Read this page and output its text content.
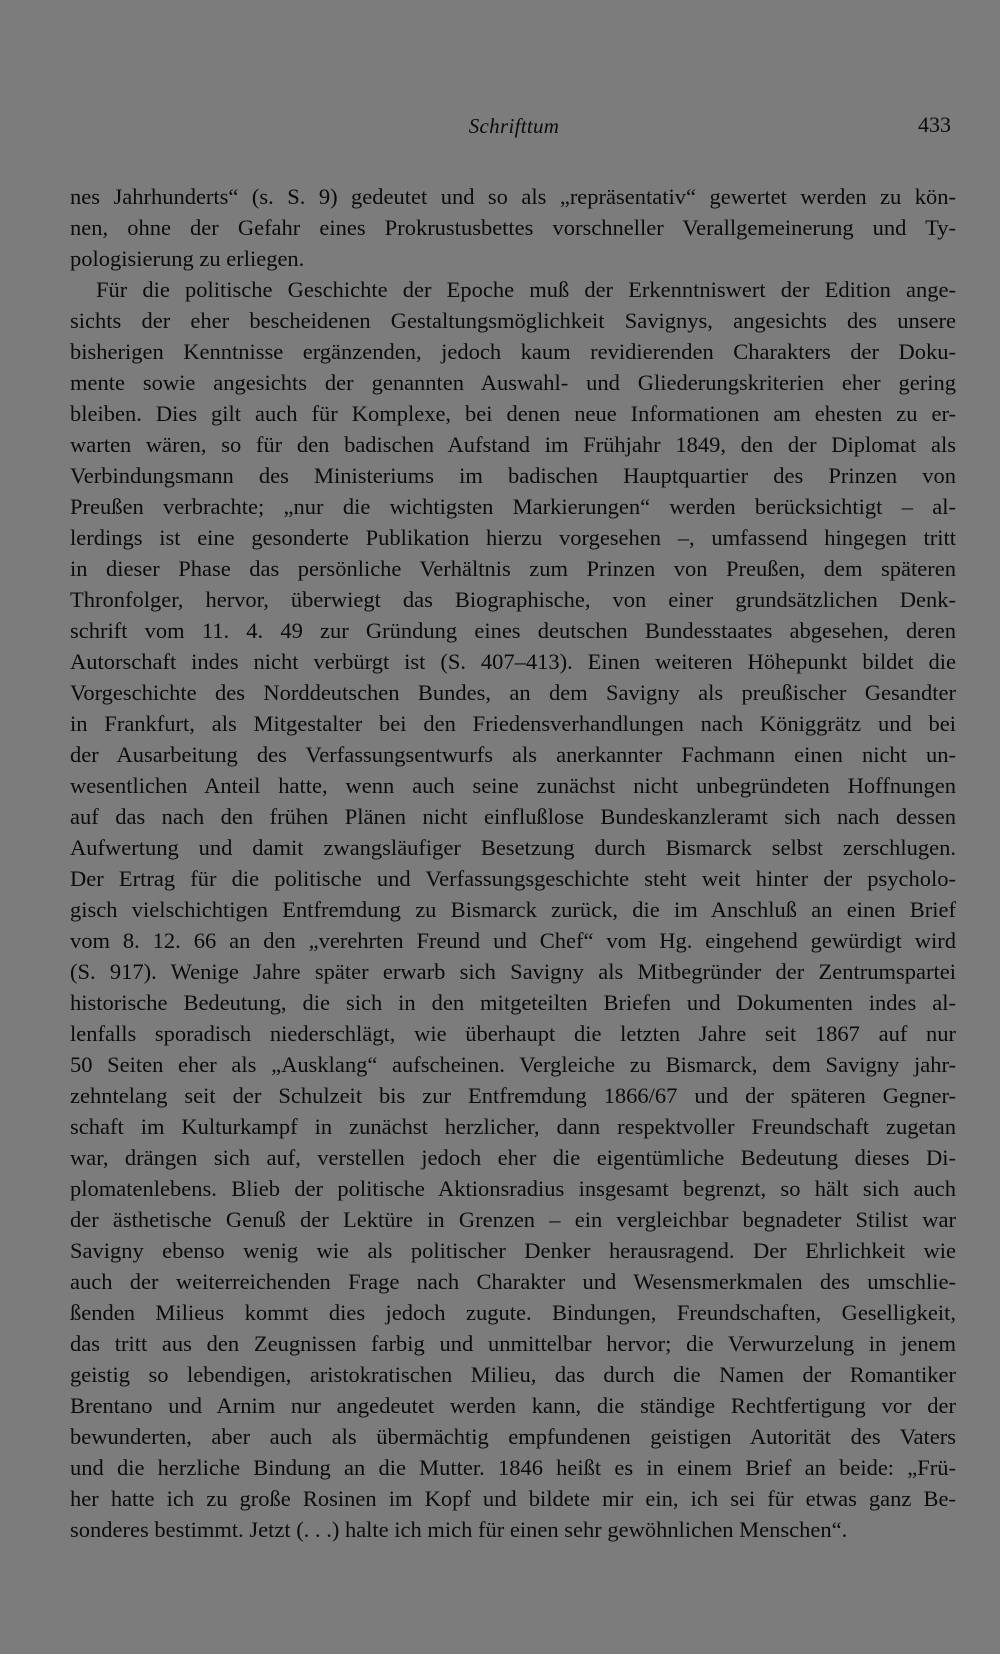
Schrifttum	433
nes Jahrhunderts“ (s. S. 9) gedeutet und so als „repräsentativ“ gewertet werden zu kön-
nen, ohne der Gefahr eines Prokrustusbettes vorschneller Verallgemeinerung und Ty-
pologisierung zu erliegen.
Für die politische Geschichte der Epoche muß der Erkenntniswert der Edition ange-
sichts der eher bescheidenen Gestaltungsmöglichkeit Savignys, angesichts des unsere
bisherigen Kenntnisse ergänzenden, jedoch kaum revidierenden Charakters der Doku-
mente sowie angesichts der genannten Auswahl- und Gliederungskriterien eher gering
bleiben. Dies gilt auch für Komplexe, bei denen neue Informationen am ehesten zu er-
warten wären, so für den badischen Aufstand im Frühjahr 1849, den der Diplomat als
Verbindungsmann des Ministeriums im badischen Hauptquartier des Prinzen von
Preußen verbrachte; „nur die wichtigsten Markierungen“ werden berücksichtigt – al-
lerdings ist eine gesonderte Publikation hierzu vorgesehen –, umfassend hingegen tritt
in dieser Phase das persönliche Verhältnis zum Prinzen von Preußen, dem späteren
Thronfolger, hervor, überwiegt das Biographische, von einer grundsätzlichen Denk-
schrift vom 11. 4. 49 zur Gründung eines deutschen Bundesstaates abgesehen, deren
Autorschaft indes nicht verbürgt ist (S. 407–413). Einen weiteren Höhepunkt bildet die
Vorgeschichte des Norddeutschen Bundes, an dem Savigny als preußischer Gesandter
in Frankfurt, als Mitgestalter bei den Friedensverhandlungen nach Königgrätz und bei
der Ausarbeitung des Verfassungsentwurfs als anerkannter Fachmann einen nicht un-
wesentlichen Anteil hatte, wenn auch seine zunächst nicht unbegründeten Hoffnungen
auf das nach den frühen Plänen nicht einflußlose Bundeskanzleramt sich nach dessen
Aufwertung und damit zwangsläufiger Besetzung durch Bismarck selbst zerschlugen.
Der Ertrag für die politische und Verfassungsgeschichte steht weit hinter der psycholo-
gisch vielschichtigen Entfremdung zu Bismarck zurück, die im Anschluß an einen Brief
vom 8. 12. 66 an den „verehrten Freund und Chef“ vom Hg. eingehend gewürdigt wird
(S. 917). Wenige Jahre später erwarb sich Savigny als Mitbegründer der Zentrumspartei
historische Bedeutung, die sich in den mitgeteilten Briefen und Dokumenten indes al-
lenfalls sporadisch niederschlägt, wie überhaupt die letzten Jahre seit 1867 auf nur
50 Seiten eher als „Ausklang“ aufscheinen. Vergleiche zu Bismarck, dem Savigny jahr-
zehntelang seit der Schulzeit bis zur Entfremdung 1866/67 und der späteren Gegner-
schaft im Kulturkampf in zunächst herzlicher, dann respektvoller Freundschaft zugetan
war, drängen sich auf, verstellen jedoch eher die eigentümliche Bedeutung dieses Di-
plomatenlebens. Blieb der politische Aktionsradius insgesamt begrenzt, so hält sich auch
der ästhetische Genuß der Lektüre in Grenzen – ein vergleichbar begnadeter Stilist war
Savigny ebenso wenig wie als politischer Denker herausragend. Der Ehrlichkeit wie
auch der weiterreichenden Frage nach Charakter und Wesensmerkmalen des umschlie-
ßenden Milieus kommt dies jedoch zugute. Bindungen, Freundschaften, Geselligkeit,
das tritt aus den Zeugnissen farbig und unmittelbar hervor; die Verwurzelung in jenem
geistig so lebendigen, aristokratischen Milieu, das durch die Namen der Romantiker
Brentano und Arnim nur angedeutet werden kann, die ständige Rechtfertigung vor der
bewunderten, aber auch als übermächtig empfundenen geistigen Autorität des Vaters
und die herzliche Bindung an die Mutter. 1846 heißt es in einem Brief an beide: „Frü-
her hatte ich zu große Rosinen im Kopf und bildete mir ein, ich sei für etwas ganz Be-
sonderes bestimmt. Jetzt (. . .) halte ich mich für einen sehr gewöhnlichen Menschen“.
